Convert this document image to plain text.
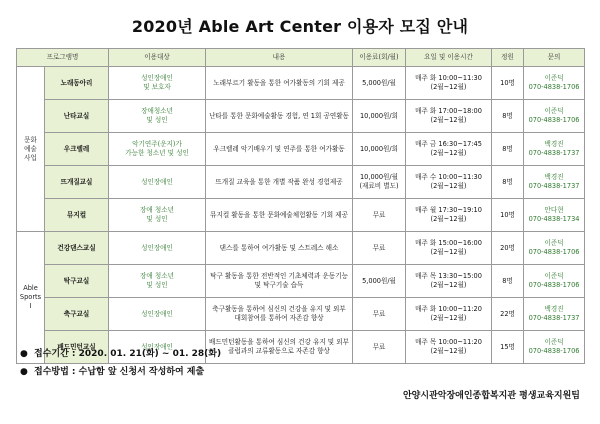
2020년 Able Art Center 이용자 모집 안내
프로그램명		이용대상	내용	이용료(회/월)	요일 및 이용시간	정원	문의
문화
예술
사업	노래동아리	성인장애인
및 보호자	노래부르기 활동을 통한 여가활동의 기회 제공	5,000원/월	매주 화 10:00~11:30
(2월~12월)	10명	이준덕
070-4838-1706
	난타교실	장애청소년
및 성인	난타를 통한 문화예술활동 경험, 연 1회 공연활동	10,000원/회	매주 화 17:00~18:00
(2월~12월)	8명	이준덕
070-4838-1706
	우크렐레	악기연주(운지)가
가능한 청소년 및 성인	우크렐레 악기배우기 및 연주를 통한 여가활동	10,000원/회	매주 금 16:30~17:45
(2월~12월)	8명	백경진
070-4838-1737
	뜨개질교실	성인장애인	뜨개질 교육을 통한 개별 작품 완성 경험제공	10,000원/월
(재료비 별도)	매주 수 10:00~11:30
(2월~12월)	8명	백경진
070-4838-1737
	뮤지컬	장애 청소년
및 성인	뮤지컬 활동을 통한 문화예술체험활동 기회 제공	무료	매주 월 17:30~19:10
(2월~12월)	10명	안다현
070-4838-1734
Able
Sports
Ⅰ	건강댄스교실	성인장애인	댄스를 통하여 여가활동 및 스트레스 해소	무료	매주 화 15:00~16:00
(2월~12월)	20명	이준덕
070-4838-1706
	탁구교실	장애 청소년
및 성인	탁구 활동을 통한 전반적인 기초체력과 운동기능 및 탁구기술 습득	5,000원/월	매주 목 13:30~15:00
(2월~12월)	8명	이준덕
070-4838-1706
	축구교실	성인장애인	축구활동을 통하여 심신의 건강을 유지 및 외부 대회참여를 통하여 자존감 향상	무료	매주 화 10:00~11:20
(2월~12월)	22명	백경진
070-4838-1737
	배드민턴교실	성인장애인	배드민턴활동을 통하여 심신의 건강 유지 및 외부 클럽과의 교류활동으로 자존감 향상	무료	매주 목 10:00~11:20
(2월~12월)	15명	이준덕
070-4838-1706
● 접수기간 : 2020. 01. 21(화) ~ 01. 28(화)
● 접수방법 : 수납함 앞 신청서 작성하여 제출
안양시관악장애인종합복지관 평생교육지원팀
